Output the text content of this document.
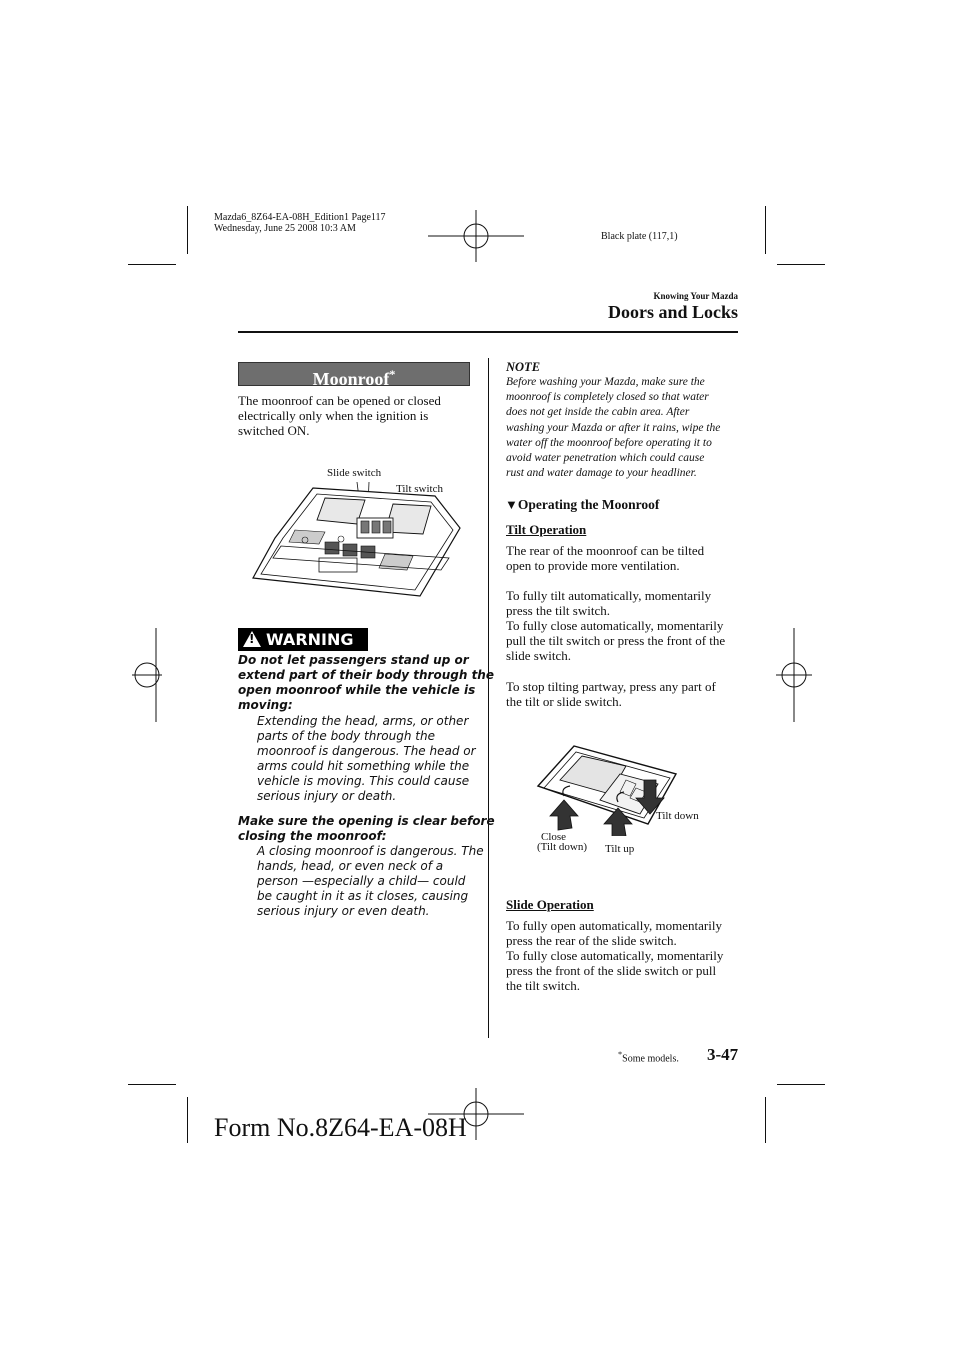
Mazda6_8Z64-EA-08H_Edition1 Page117
Wednesday, June 25 2008 10:3 AM
Black plate (117,1)
Knowing Your Mazda
Doors and Locks
Moonroof*
The moonroof can be opened or closed
electrically only when the ignition is
switched ON.
Slide switch
Tilt switch
!
WARNING
Do not let passengers stand up or
extend part of their body through the
open moonroof while the vehicle is
moving:
Extending the head, arms, or other
parts of the body through the
moonroof is dangerous. The head or
arms could hit something while the
vehicle is moving. This could cause
serious injury or death.
Make sure the opening is clear before
closing the moonroof:
A closing moonroof is dangerous. The
hands, head, or even neck of a
person —especially a child— could
be caught in it as it closes, causing
serious injury or even death.
NOTE
Before washing your Mazda, make sure the
moonroof is completely closed so that water
does not get inside the cabin area. After
washing your Mazda or after it rains, wipe the
water off the moonroof before operating it to
avoid water penetration which could cause
rust and water damage to your headliner.
▼Operating the Moonroof
Tilt Operation
The rear of the moonroof can be tilted
open to provide more ventilation.
To fully tilt automatically, momentarily
press the tilt switch.
To fully close automatically, momentarily
pull the tilt switch or press the front of the
slide switch.
To stop tilting partway, press any part of
the tilt or slide switch.
Tilt down
Close
(Tilt down) Tilt up
Slide Operation
To fully open automatically, momentarily
press the rear of the slide switch.
To fully close automatically, momentarily
press the front of the slide switch or pull
the tilt switch.
*Some models. 3-47
Form No.8Z64-EA-08H
